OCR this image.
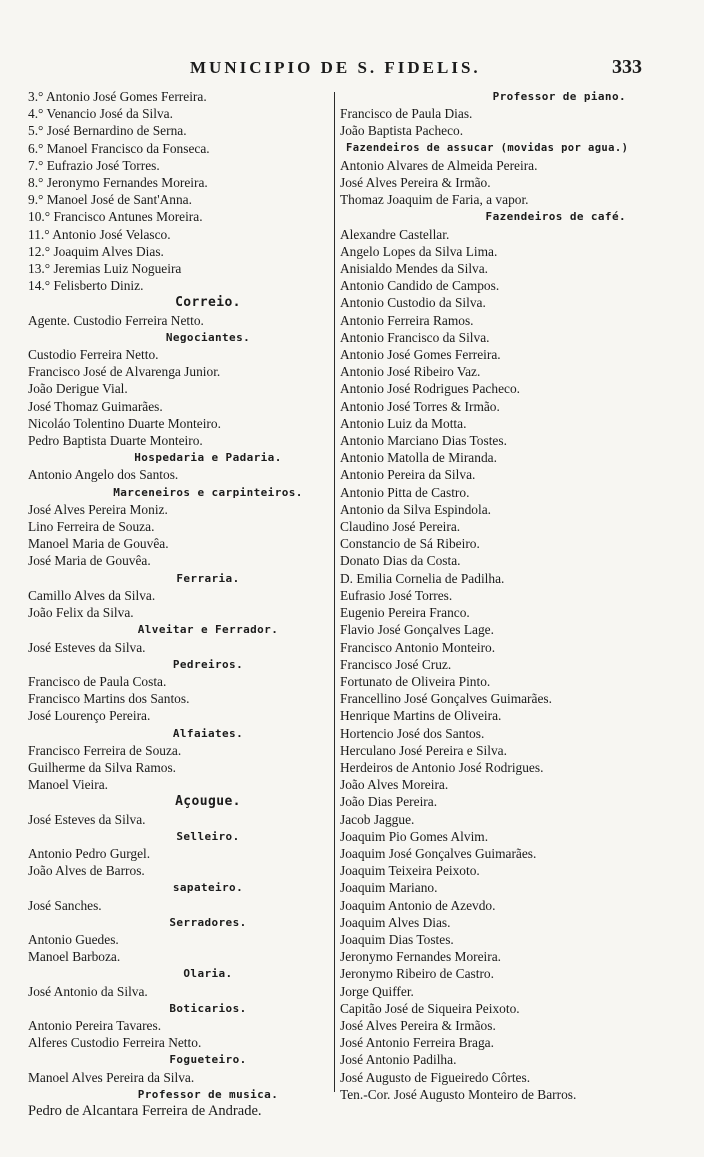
MUNICIPIO DE S. FIDELIS.	333
3.° Antonio José Gomes Ferreira.
4.° Venancio José da Silva.
5.° José Bernardino de Serna.
6.° Manoel Francisco da Fonseca.
7.° Eufrazio José Torres.
8.° Jeronymo Fernandes Moreira.
9.° Manoel José de Sant'Anna.
10.° Francisco Antunes Moreira.
11.° Antonio José Velasco.
12.° Joaquim Alves Dias.
13.° Jeremias Luiz Nogueira
14.° Felisberto Diniz.
Correio.
Agente. Custodio Ferreira Netto.
Negociantes.
Custodio Ferreira Netto.
Francisco José de Alvarenga Junior.
João Derigue Vial.
José Thomaz Guimarães.
Nicoláo Tolentino Duarte Monteiro.
Pedro Baptista Duarte Monteiro.
Hospedaria e Padaria.
Antonio Angelo dos Santos.
Marceneiros e carpinteiros.
José Alves Pereira Moniz.
Lino Ferreira de Souza.
Manoel Maria de Gouvêa.
José Maria de Gouvêa.
Ferraria.
Camillo Alves da Silva.
João Felix da Silva.
Alveitar e Ferrador.
José Esteves da Silva.
Pedreiros.
Francisco de Paula Costa.
Francisco Martins dos Santos.
José Lourenço Pereira.
Alfaiates.
Francisco Ferreira de Souza.
Guilherme da Silva Ramos.
Manoel Vieira.
Açougue.
José Esteves da Silva.
Selleiro.
Antonio Pedro Gurgel.
João Alves de Barros.
sapateiro.
José Sanches.
Serradores.
Antonio Guedes.
Manoel Barboza.
Olaria.
José Antonio da Silva.
Boticarios.
Antonio Pereira Tavares.
Alferes Custodio Ferreira Netto.
Fogueteiro.
Manoel Alves Pereira da Silva.
Professor de musica.
Pedro de Alcantara Ferreira de Andrade.
Professor de piano.
Francisco de Paula Dias.
João Baptista Pacheco.
Fazendeiros de assucar (movidas por agua.)
Antonio Alvares de Almeida Pereira.
José Alves Pereira & Irmão.
Thomaz Joaquim de Faria, a vapor.
Fazendeiros de café.
Alexandre Castellar.
Angelo Lopes da Silva Lima.
Anisialdo Mendes da Silva.
Antonio Candido de Campos.
Antonio Custodio da Silva.
Antonio Ferreira Ramos.
Antonio Francisco da Silva.
Antonio José Gomes Ferreira.
Antonio José Ribeiro Vaz.
Antonio José Rodrigues Pacheco.
Antonio José Torres & Irmão.
Antonio Luiz da Motta.
Antonio Marciano Dias Tostes.
Antonio Matolla de Miranda.
Antonio Pereira da Silva.
Antonio Pitta de Castro.
Antonio da Silva Espindola.
Claudino José Pereira.
Constancio de Sá Ribeiro.
Donato Dias da Costa.
D. Emilia Cornelia de Padilha.
Eufrasio José Torres.
Eugenio Pereira Franco.
Flavio José Gonçalves Lage.
Francisco Antonio Monteiro.
Francisco José Cruz.
Fortunato de Oliveira Pinto.
Francellino José Gonçalves Guimarães.
Henrique Martins de Oliveira.
Hortencio José dos Santos.
Herculano José Pereira e Silva.
Herdeiros de Antonio José Rodrigues.
João Alves Moreira.
João Dias Pereira.
Jacob Jaggue.
Joaquim Pio Gomes Alvim.
Joaquim José Gonçalves Guimarães.
Joaquim Teixeira Peixoto.
Joaquim Mariano.
Joaquim Antonio de Azevdo.
Joaquim Alves Dias.
Joaquim Dias Tostes.
Jeronymo Fernandes Moreira.
Jeronymo Ribeiro de Castro.
Jorge Quiffer.
Capitão José de Siqueira Peixoto.
José Alves Pereira & Irmãos.
José Antonio Ferreira Braga.
José Antonio Padilha.
José Augusto de Figueiredo Côrtes.
Ten.-Cor. José Augusto Monteiro de Barros.
